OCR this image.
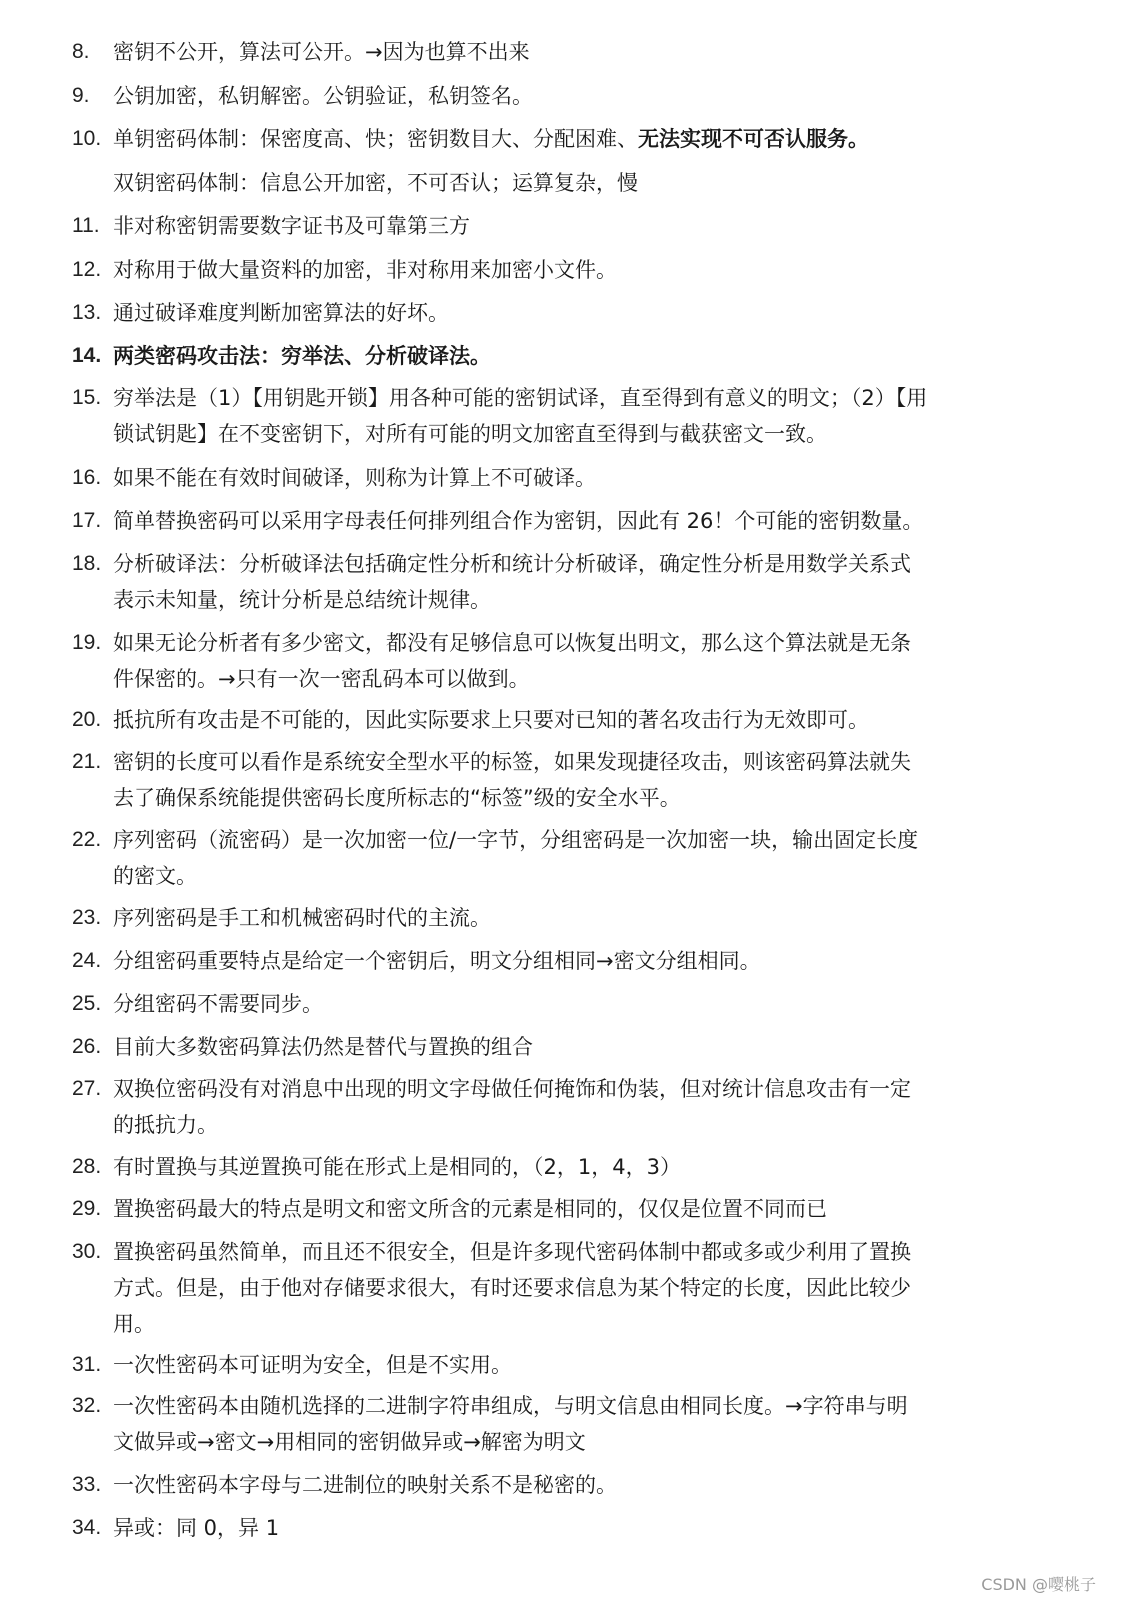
8. 密钥不公开，算法可公开。→因为也算不出来
9. 公钥加密，私钥解密。公钥验证，私钥签名。
10. 单钥密码体制：保密度高、快；密钥数目大、分配困难、无法实现不可否认服务。
双钥密码体制：信息公开加密，不可否认；运算复杂，慢
11. 非对称密钥需要数字证书及可靠第三方
12. 对称用于做大量资料的加密，非对称用来加密小文件。
13. 通过破译难度判断加密算法的好坏。
14. 两类密码攻击法：穷举法、分析破译法。
15. 穷举法是（1）【用钥匙开锁】用各种可能的密钥试译，直至得到有意义的明文；（2）【用
锁试钥匙】在不变密钥下，对所有可能的明文加密直至得到与截获密文一致。
16. 如果不能在有效时间破译，则称为计算上不可破译。
17. 简单替换密码可以采用字母表任何排列组合作为密钥，因此有 26！个可能的密钥数量。
18. 分析破译法：分析破译法包括确定性分析和统计分析破译，确定性分析是用数学关系式
表示未知量，统计分析是总结统计规律。
19. 如果无论分析者有多少密文，都没有足够信息可以恢复出明文，那么这个算法就是无条
件保密的。→只有一次一密乱码本可以做到。
20. 抵抗所有攻击是不可能的，因此实际要求上只要对已知的著名攻击行为无效即可。
21. 密钥的长度可以看作是系统安全型水平的标签，如果发现捷径攻击，则该密码算法就失
去了确保系统能提供密码长度所标志的“标签”级的安全水平。
22. 序列密码（流密码）是一次加密一位/一字节，分组密码是一次加密一块，输出固定长度
的密文。
23. 序列密码是手工和机械密码时代的主流。
24. 分组密码重要特点是给定一个密钥后，明文分组相同→密文分组相同。
25. 分组密码不需要同步。
26. 目前大多数密码算法仍然是替代与置换的组合
27. 双换位密码没有对消息中出现的明文字母做任何掩饰和伪装，但对统计信息攻击有一定
的抵抗力。
28. 有时置换与其逆置换可能在形式上是相同的，（2，1，4，3）
29. 置换密码最大的特点是明文和密文所含的元素是相同的，仅仅是位置不同而已
30. 置换密码虽然简单，而且还不很安全，但是许多现代密码体制中都或多或少利用了置换
方式。但是，由于他对存储要求很大，有时还要求信息为某个特定的长度，因此比较少
用。
31. 一次性密码本可证明为安全，但是不实用。
32. 一次性密码本由随机选择的二进制字符串组成，与明文信息由相同长度。→字符串与明
文做异或→密文→用相同的密钥做异或→解密为明文
33. 一次性密码本字母与二进制位的映射关系不是秘密的。
34. 异或：同 0，异 1
CSDN @嘤桃子
